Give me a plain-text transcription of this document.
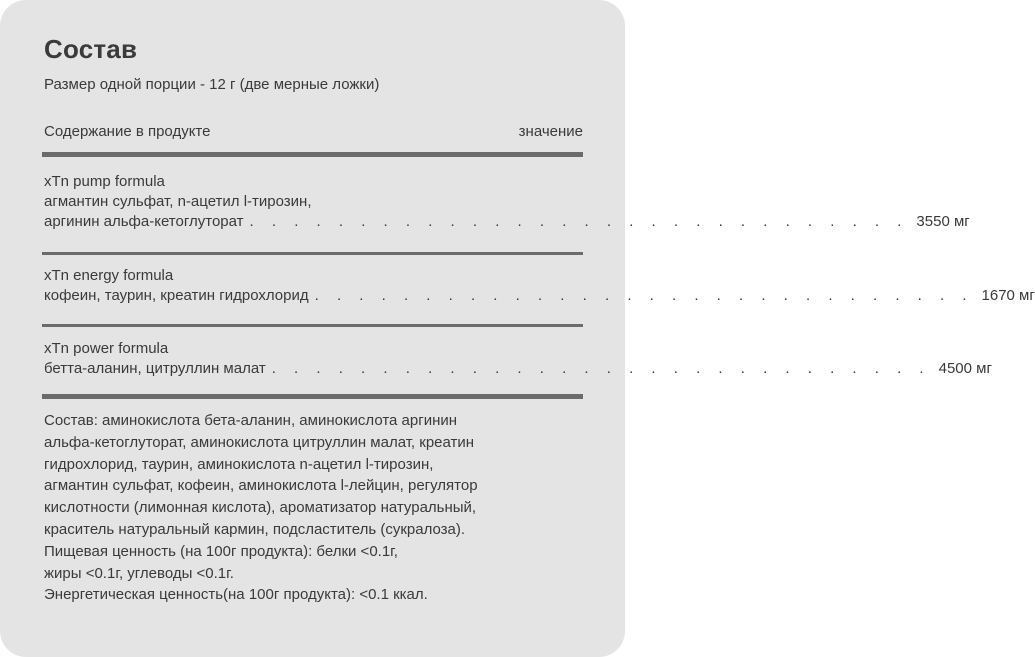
Состав
Размер одной порции - 12 г (две мерные ложки)
Содержание в продукте	значение
xTn pump formula
агмантин сульфат, n-ацетил l-тирозин,
аргинин альфа-кетоглуторат . . . . . . . . . . . . . . . . . . . . . . . . . . . . . . 3550 мг
xTn energy formula
кофеин, таурин, креатин гидрохлорид . . . . . . . . . . . . . . . . . . . . . . . . . . . . . . 1670 мг
xTn power formula
бетта-аланин, цитруллин малат . . . . . . . . . . . . . . . . . . . . . . . . . . . . . . 4500 мг
Состав: аминокислота бета-аланин, аминокислота аргинин
альфа-кетоглуторат, аминокислота цитруллин малат, креатин
гидрохлорид, таурин, аминокислота n-ацетил l-тирозин,
агмантин сульфат, кофеин, аминокислота l-лейцин, регулятор
кислотности (лимонная кислота), ароматизатор натуральный,
краситель натуральный кармин, подсластитель (сукралоза).
Пищевая ценность (на 100г продукта): белки <0.1г,
жиры <0.1г, углеводы <0.1г.
Энергетическая ценность(на 100г продукта): <0.1 ккал.
